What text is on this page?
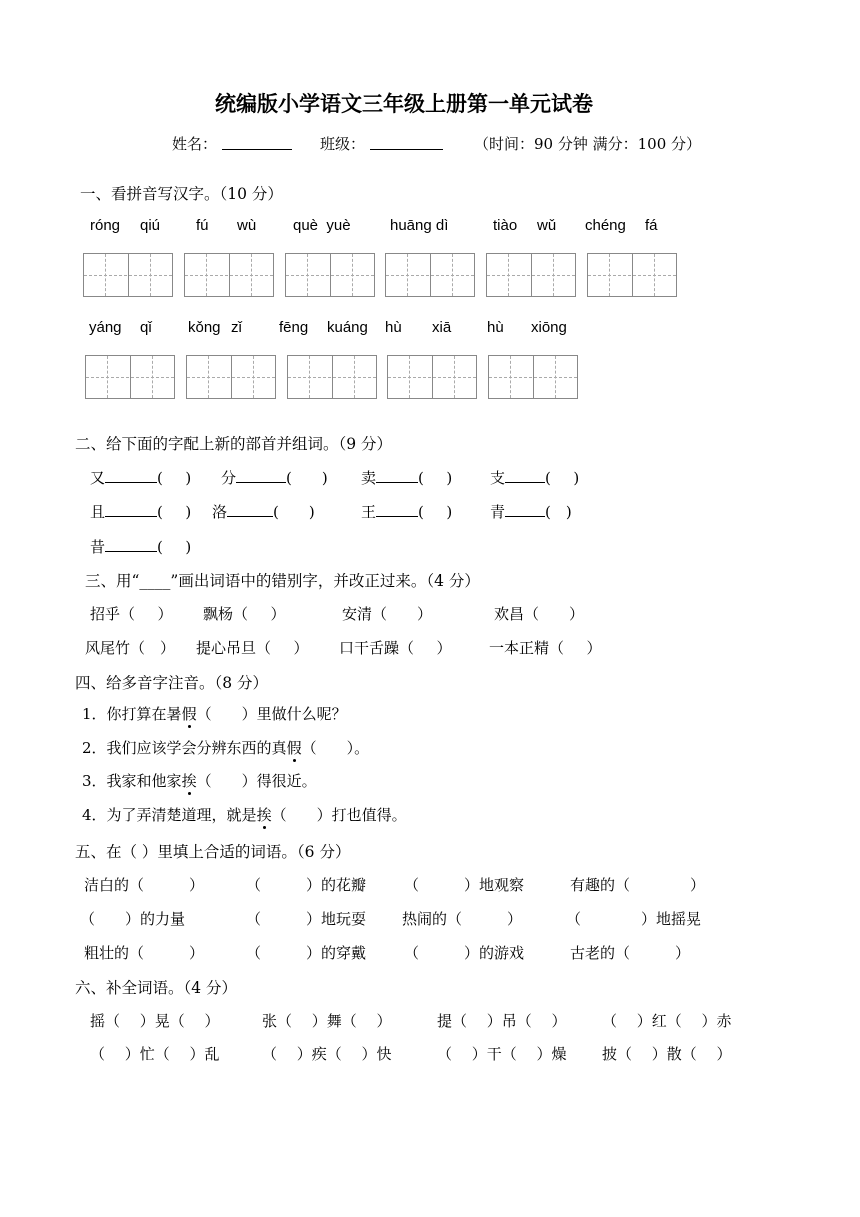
统编版小学语文三年级上册第一单元试卷
姓名：	班级：	（时间：90 分钟 满分：100 分）
一、看拼音写汉字。（10 分）
róng qiú fú wù què  yuè	huāng dì	tiào wǔ chéng fá
yáng qǐ kǒng zǐ fēng kuáng hù xiā hù xiōng
二、给下面的字配上新的部首并组词。（9 分）
又	(  ) 分	(  ) 卖	(  )	支	(  )
且	(  ) 洛	(  )	王	(  )	青	(  )
昔	(  )
三、用“____”画出词语中的错别字，并改正过来。（4 分）
招乎（   ） 飘杨（   ）	安清（   ）	欢昌（   ）
风尾竹（  ） 提心吊旦（   ） 口干舌躁（   ） 一本正精（   ）
四、给多音字注音。（8 分）
1．你打算在暑假（　　）里做什么呢？
2．我们应该学会分辨东西的真假（　　）。
3．我家和他家挨（　　）得很近。
4．为了弄清楚道理，就是挨（　　）打也值得。
五、在（ ）里填上合适的词语。（6 分）
洁白的（　　　）	（　　　）的花瓣	（　　　）地观察	有趣的（　　　　）
（　　）的力量	（　　　）地玩耍 热闹的（　　　）	（　　　　）地摇晃
粗壮的（　　　）	（　　　）的穿戴	（　　　）的游戏	古老的（　　　）
六、补全词语。（4 分）
摇（　 ）晃（　 ）	张（　 ）舞（　 ）	提（　 ）吊（　 ） （　 ）红（　 ）赤
（　 ）忙（　 ）乱	（　 ）疾（　 ）快	（　 ）干（　 ）燥 披（　 ）散（　 ）
